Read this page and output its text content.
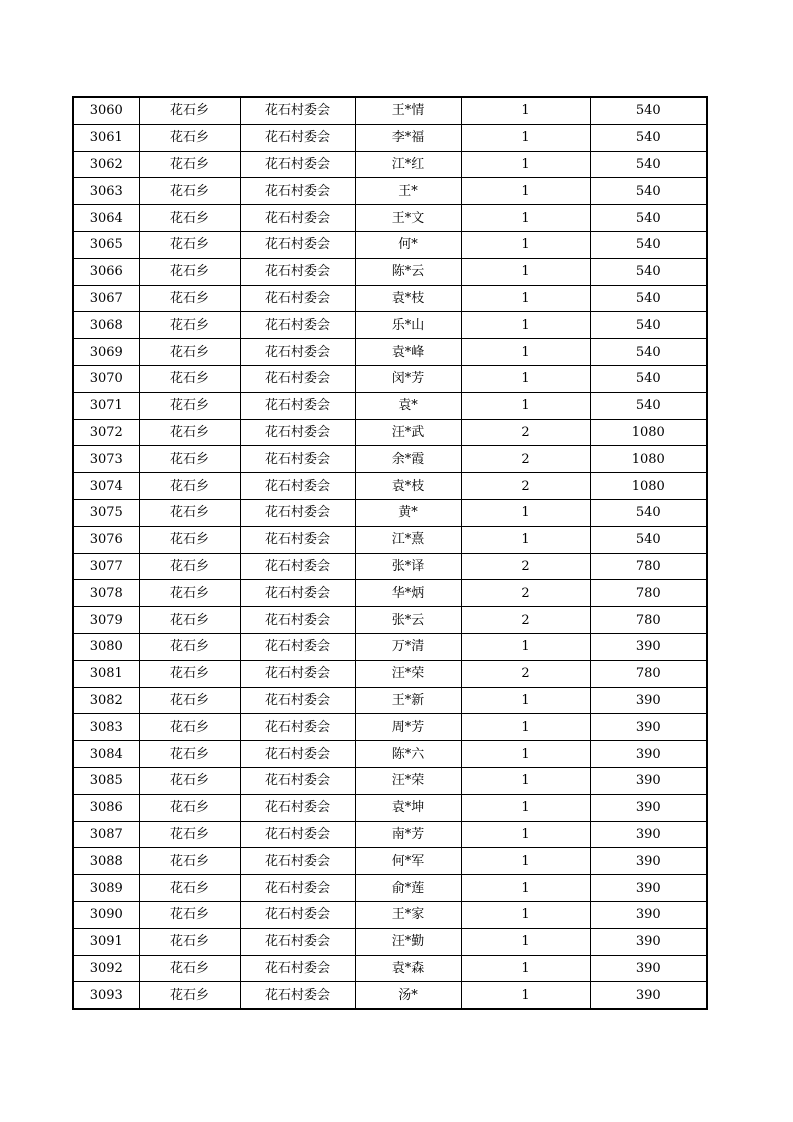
3060	花石乡	花石村委会	王*情	1	540
3061	花石乡	花石村委会	李*福	1	540
3062	花石乡	花石村委会	江*红	1	540
3063	花石乡	花石村委会	王*	1	540
3064	花石乡	花石村委会	王*文	1	540
3065	花石乡	花石村委会	何*	1	540
3066	花石乡	花石村委会	陈*云	1	540
3067	花石乡	花石村委会	袁*枝	1	540
3068	花石乡	花石村委会	乐*山	1	540
3069	花石乡	花石村委会	袁*峰	1	540
3070	花石乡	花石村委会	闵*芳	1	540
3071	花石乡	花石村委会	袁*	1	540
3072	花石乡	花石村委会	汪*武	2	1080
3073	花石乡	花石村委会	余*霞	2	1080
3074	花石乡	花石村委会	袁*枝	2	1080
3075	花石乡	花石村委会	黄*	1	540
3076	花石乡	花石村委会	江*熹	1	540
3077	花石乡	花石村委会	张*译	2	780
3078	花石乡	花石村委会	华*炳	2	780
3079	花石乡	花石村委会	张*云	2	780
3080	花石乡	花石村委会	万*清	1	390
3081	花石乡	花石村委会	汪*荣	2	780
3082	花石乡	花石村委会	王*新	1	390
3083	花石乡	花石村委会	周*芳	1	390
3084	花石乡	花石村委会	陈*六	1	390
3085	花石乡	花石村委会	汪*荣	1	390
3086	花石乡	花石村委会	袁*坤	1	390
3087	花石乡	花石村委会	南*芳	1	390
3088	花石乡	花石村委会	何*军	1	390
3089	花石乡	花石村委会	俞*莲	1	390
3090	花石乡	花石村委会	王*家	1	390
3091	花石乡	花石村委会	汪*勤	1	390
3092	花石乡	花石村委会	袁*森	1	390
3093	花石乡	花石村委会	汤*	1	390
